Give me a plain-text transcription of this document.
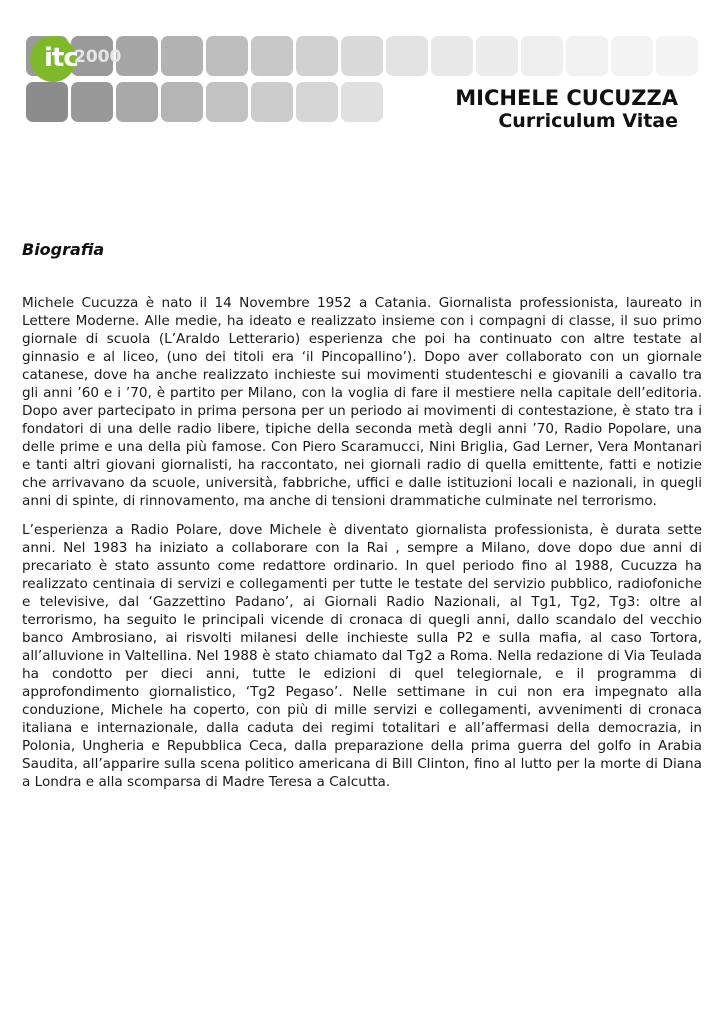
itc
2000
MICHELE CUCUZZA
Curriculum Vitae
Biografia

Michele Cucuzza è nato il 14 Novembre 1952 a Catania. Giornalista professionista, laureato in Lettere Moderne. Alle medie, ha ideato e realizzato insieme con i compagni di classe, il suo primo giornale di scuola (L’Araldo Letterario) esperienza che poi ha continuato con altre testate al ginnasio e al liceo, (uno dei titoli era ‘il Pincopallino’). Dopo aver collaborato con un giornale catanese, dove ha anche realizzato inchieste sui movimenti studenteschi e giovanili a cavallo tra gli anni ’60 e i ’70, è partito per Milano, con la voglia di fare il mestiere nella capitale dell’editoria. Dopo aver partecipato in prima persona per un periodo ai movimenti di contestazione, è stato tra i fondatori di una delle radio libere, tipiche della seconda metà degli anni ’70, Radio Popolare, una delle prime e una della più famose. Con Piero Scaramucci, Nini Briglia, Gad Lerner, Vera Montanari e tanti altri giovani giornalisti, ha raccontato, nei giornali radio di quella emittente, fatti e notizie che arrivavano da scuole, università, fabbriche, uffici e dalle istituzioni locali e nazionali, in quegli anni di spinte, di rinnovamento, ma anche di tensioni drammatiche culminate nel terrorismo.

L’esperienza a Radio Polare, dove Michele è diventato giornalista professionista, è durata sette anni. Nel 1983 ha iniziato a collaborare con la Rai , sempre a Milano, dove dopo due anni di precariato è stato assunto come redattore ordinario. In quel periodo fino al 1988, Cucuzza ha realizzato centinaia di servizi e collegamenti per tutte le testate del servizio pubblico, radiofoniche e televisive, dal ‘Gazzettino Padano’, ai Giornali Radio Nazionali, al Tg1, Tg2, Tg3: oltre al terrorismo, ha seguito le principali vicende di cronaca di quegli anni, dallo scandalo del vecchio banco Ambrosiano, ai risvolti milanesi delle inchieste sulla P2 e sulla mafia, al caso Tortora, all’alluvione in Valtellina. Nel 1988 è stato chiamato dal Tg2 a Roma. Nella redazione di Via Teulada ha condotto per dieci anni, tutte le edizioni di quel telegiornale, e il programma di approfondimento giornalistico, ‘Tg2 Pegaso’. Nelle settimane in cui non era impegnato alla conduzione, Michele ha coperto, con più di mille servizi e collegamenti, avvenimenti di cronaca italiana e internazionale, dalla caduta dei regimi totalitari e all’affermasi della democrazia, in Polonia, Ungheria e Repubblica Ceca, dalla preparazione della prima guerra del golfo in Arabia Saudita, all’apparire sulla scena politico americana di Bill Clinton, fino al lutto per la morte di Diana a Londra e alla scomparsa di Madre Teresa a Calcutta.
